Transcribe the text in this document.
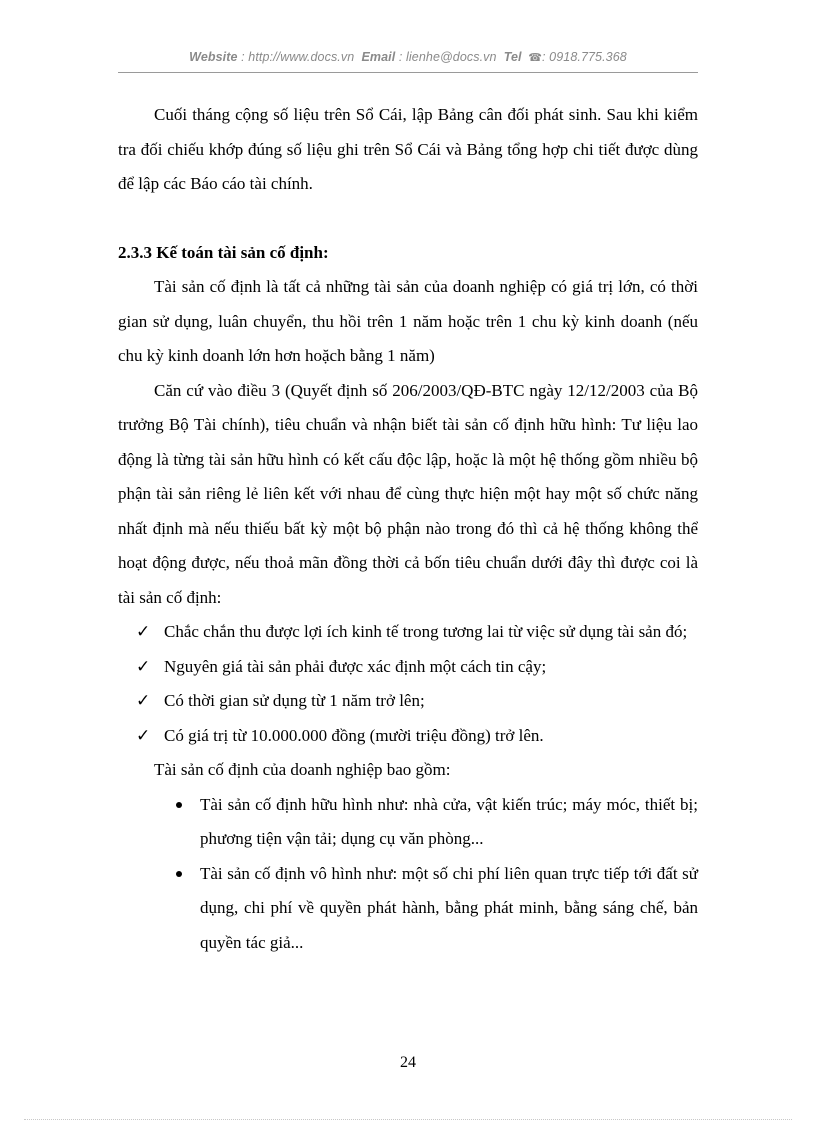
Website : http://www.docs.vn Email : lienhe@docs.vn Tel ☎: 0918.775.368

Cuối tháng cộng số liệu trên Sổ Cái, lập Bảng cân đối phát sinh. Sau khi kiểm tra đối chiếu khớp đúng số liệu ghi trên Sổ Cái và Bảng tổng hợp chi tiết được dùng để lập các Báo cáo tài chính.

2.3.3 Kế toán tài sản cố định:

Tài sản cố định là tất cả những tài sản của doanh nghiệp có giá trị lớn, có thời gian sử dụng, luân chuyển, thu hồi trên 1 năm hoặc trên 1 chu kỳ kinh doanh (nếu chu kỳ kinh doanh lớn hơn hoặch bằng 1 năm)

Căn cứ vào điều 3 (Quyết định số 206/2003/QĐ-BTC ngày 12/12/2003 của Bộ trưởng Bộ Tài chính), tiêu chuẩn và nhận biết tài sản cố định hữu hình: Tư liệu lao động là từng tài sản hữu hình có kết cấu độc lập, hoặc là một hệ thống gồm nhiều bộ phận tài sản riêng lẻ liên kết với nhau để cùng thực hiện một hay một số chức năng nhất định mà nếu thiếu bất kỳ một bộ phận nào trong đó thì cả hệ thống không thể hoạt động được, nếu thoả mãn đồng thời cả bốn tiêu chuẩn dưới đây thì được coi là tài sản cố định:

✓ Chắc chắn thu được lợi ích kinh tế trong tương lai từ việc sử dụng tài sản đó;

✓ Nguyên giá tài sản phải được xác định một cách tin cậy;

✓ Có thời gian sử dụng từ 1 năm trở lên;

✓ Có giá trị từ 10.000.000 đồng (mười triệu đồng) trở lên.

Tài sản cố định của doanh nghiệp bao gồm:

Tài sản cố định hữu hình như: nhà cửa, vật kiến trúc; máy móc, thiết bị; phương tiện vận tải; dụng cụ văn phòng...

Tài sản cố định vô hình như: một số chi phí liên quan trực tiếp tới đất sử dụng, chi phí về quyền phát hành, bằng phát minh, bằng sáng chế, bản quyền tác giả...

24
